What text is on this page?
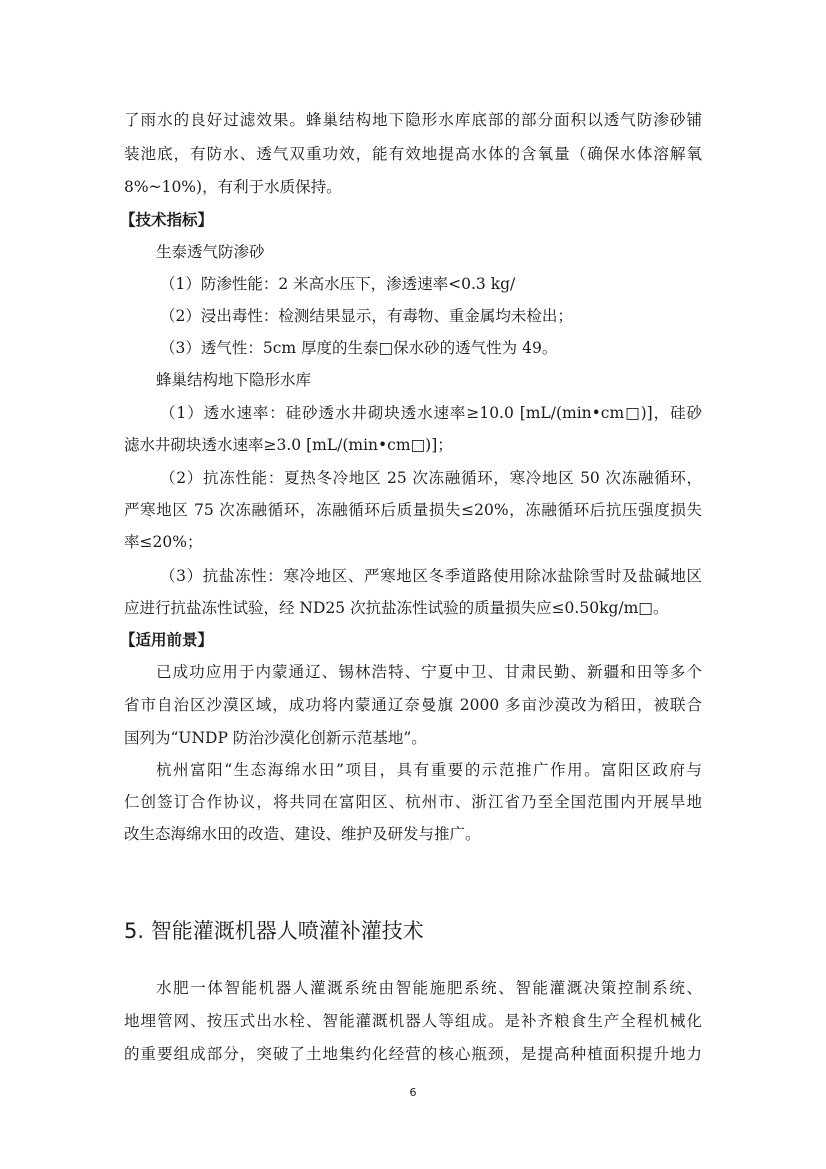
了雨水的良好过滤效果。蜂巢结构地下隐形水库底部的部分面积以透气防渗砂铺
装池底，有防水、透气双重功效，能有效地提高水体的含氧量（确保水体溶解氧
8%~10%)，有利于水质保持。
【技术指标】
生泰透气防渗砂
（1）防渗性能：2 米高水压下，渗透速率<0.3 kg/
（2）浸出毒性：检测结果显示，有毒物、重金属均未检出；
（3）透气性：5cm 厚度的生泰□保水砂的透气性为 49。
蜂巢结构地下隐形水库
（1）透水速率：硅砂透水井砌块透水速率≥10.0 [mL/(min•cm□)]，硅砂
滤水井砌块透水速率≥3.0 [mL/(min•cm□)]；
（2）抗冻性能：夏热冬冷地区 25 次冻融循环，寒冷地区 50 次冻融循环，
严寒地区 75 次冻融循环，冻融循环后质量损失≤20%，冻融循环后抗压强度损失
率≤20%；
（3）抗盐冻性：寒冷地区、严寒地区冬季道路使用除冰盐除雪时及盐碱地区
应进行抗盐冻性试验，经 ND25 次抗盐冻性试验的质量损失应≤0.50kg/m□。
【适用前景】
已成功应用于内蒙通辽、锡林浩特、宁夏中卫、甘肃民勤、新疆和田等多个
省市自治区沙漠区域，成功将内蒙通辽奈曼旗 2000 多亩沙漠改为稻田，被联合
国列为“UNDP 防治沙漠化创新示范基地”。
杭州富阳“生态海绵水田”项目，具有重要的示范推广作用。富阳区政府与
仁创签订合作协议，将共同在富阳区、杭州市、浙江省乃至全国范围内开展旱地
改生态海绵水田的改造、建设、维护及研发与推广。
5. 智能灌溉机器人喷灌补灌技术
水肥一体智能机器人灌溉系统由智能施肥系统、智能灌溉决策控制系统、
地埋管网、按压式出水栓、智能灌溉机器人等组成。是补齐粮食生产全程机械化
的重要组成部分，突破了土地集约化经营的核心瓶颈，是提高种植面积提升地力
6
